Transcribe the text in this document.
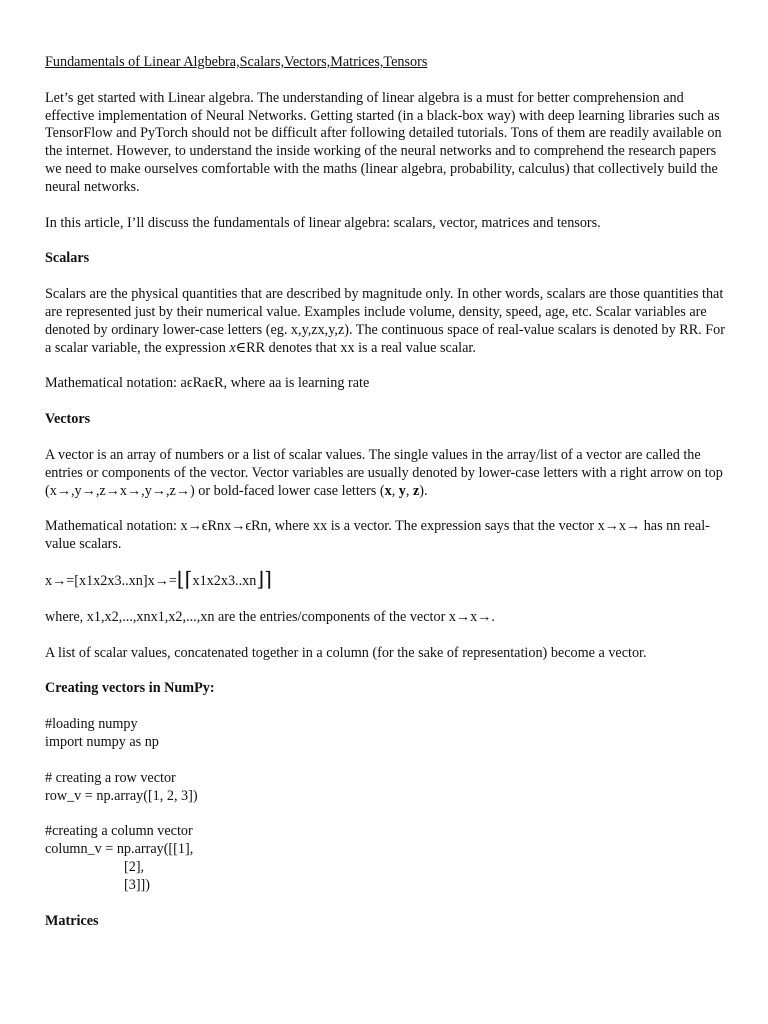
Fundamentals of Linear Algbebra,Scalars,Vectors,Matrices,Tensors

Let’s get started with Linear algebra. The understanding of linear algebra is a must for better comprehension and effective implementation of Neural Networks. Getting started (in a black-box way) with deep learning libraries such as TensorFlow and PyTorch should not be difficult after following detailed tutorials. Tons of them are readily available on the internet. However, to understand the inside working of the neural networks and to comprehend the research papers we need to make ourselves comfortable with the maths (linear algebra, probability, calculus) that collectively build the neural networks.

In this article, I’ll discuss the fundamentals of linear algebra: scalars, vector, matrices and tensors.

Scalars

Scalars are the physical quantities that are described by magnitude only. In other words, scalars are those quantities that are represented just by their numerical value. Examples include volume, density, speed, age, etc. Scalar variables are denoted by ordinary lower-case letters (eg. x,y,zx,y,z). The continuous space of real-value scalars is denoted by RR. For a scalar variable, the expression x∈RR denotes that xx is a real value scalar.

Mathematical notation: aϵRaϵR, where aa is learning rate

Vectors

A vector is an array of numbers or a list of scalar values. The single values in the array/list of a vector are called the entries or components of the vector. Vector variables are usually denoted by lower-case letters with a right arrow on top (x→,y→,z→x→,y→,z→) or bold-faced lower case letters (x, y, z).

Mathematical notation: x→ϵRnx→ϵRn, where xx is a vector. The expression says that the vector x→x→ has nn real-value scalars.

x→=[x1x2x3..xn]x→=⌊⌈x1x2x3..xn⌋⌉

where, x1,x2,...,xnx1,x2,...,xn are the entries/components of the vector x→x→.

A list of scalar values, concatenated together in a column (for the sake of representation) become a vector.

Creating vectors in NumPy:

#loading numpy

import numpy as np

# creating a row vector

row_v = np.array([1, 2, 3])

#creating a column vector

column_v = np.array([[1],

[2],

[3]])

Matrices
